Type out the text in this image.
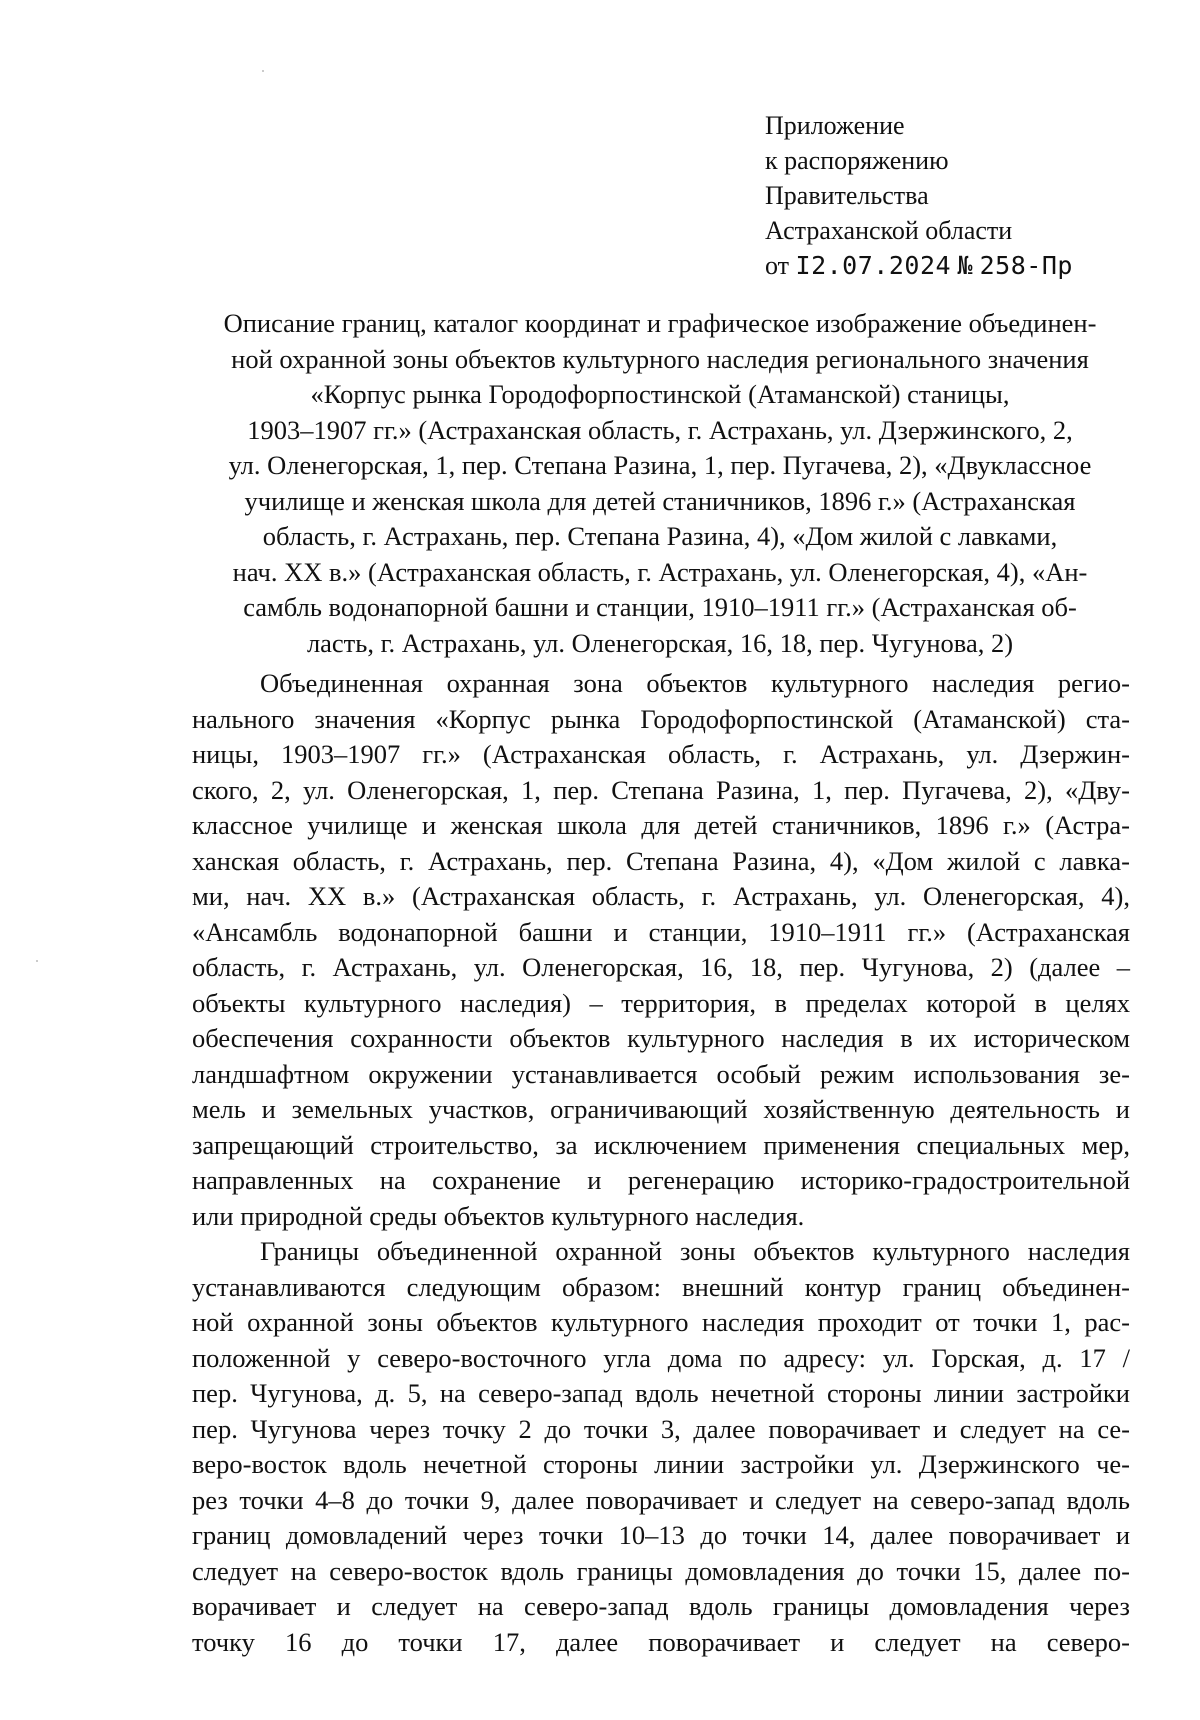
Приложение
к распоряжению
Правительства
Астраханской области
от I2.07.2024 № 258-Пр
Описание границ, каталог координат и графическое изображение объединен-
ной охранной зоны объектов культурного наследия регионального значения
«Корпус рынка Городофорпостинской (Атаманской) станицы,
1903–1907 гг.» (Астраханская область, г. Астрахань, ул. Дзержинского, 2,
ул. Оленегорская, 1, пер. Степана Разина, 1, пер. Пугачева, 2), «Двуклассное
училище и женская школа для детей станичников, 1896 г.» (Астраханская
область, г. Астрахань, пер. Степана Разина, 4), «Дом жилой с лавками,
нач. XX в.» (Астраханская область, г. Астрахань, ул. Оленегорская, 4), «Ан-
самбль водонапорной башни и станции, 1910–1911 гг.» (Астраханская об-
ласть, г. Астрахань, ул. Оленегорская, 16, 18, пер. Чугунова, 2)
Объединенная охранная зона объектов культурного наследия регио-
нального значения «Корпус рынка Городофорпостинской (Атаманской) ста-
ницы, 1903–1907 гг.» (Астраханская область, г. Астрахань, ул. Дзержин-
ского, 2, ул. Оленегорская, 1, пер. Степана Разина, 1, пер. Пугачева, 2), «Дву-
классное училище и женская школа для детей станичников, 1896 г.» (Астра-
ханская область, г. Астрахань, пер. Степана Разина, 4), «Дом жилой с лавка-
ми, нач. XX в.» (Астраханская область, г. Астрахань, ул. Оленегорская, 4),
«Ансамбль водонапорной башни и станции, 1910–1911 гг.» (Астраханская
область, г. Астрахань, ул. Оленегорская, 16, 18, пер. Чугунова, 2) (далее –
объекты культурного наследия) – территория, в пределах которой в целях
обеспечения сохранности объектов культурного наследия в их историческом
ландшафтном окружении устанавливается особый режим использования зе-
мель и земельных участков, ограничивающий хозяйственную деятельность и
запрещающий строительство, за исключением применения специальных мер,
направленных на сохранение и регенерацию историко-градостроительной
или природной среды объектов культурного наследия.
Границы объединенной охранной зоны объектов культурного наследия
устанавливаются следующим образом: внешний контур границ объединен-
ной охранной зоны объектов культурного наследия проходит от точки 1, рас-
положенной у северо-восточного угла дома по адресу: ул. Горская, д. 17 /
пер. Чугунова, д. 5, на северо-запад вдоль нечетной стороны линии застройки
пер. Чугунова через точку 2 до точки 3, далее поворачивает и следует на се-
веро-восток вдоль нечетной стороны линии застройки ул. Дзержинского че-
рез точки 4–8 до точки 9, далее поворачивает и следует на северо-запад вдоль
границ домовладений через точки 10–13 до точки 14, далее поворачивает и
следует на северо-восток вдоль границы домовладения до точки 15, далее по-
ворачивает и следует на северо-запад вдоль границы домовладения через
точку 16 до точки 17, далее поворачивает и следует на северо-
